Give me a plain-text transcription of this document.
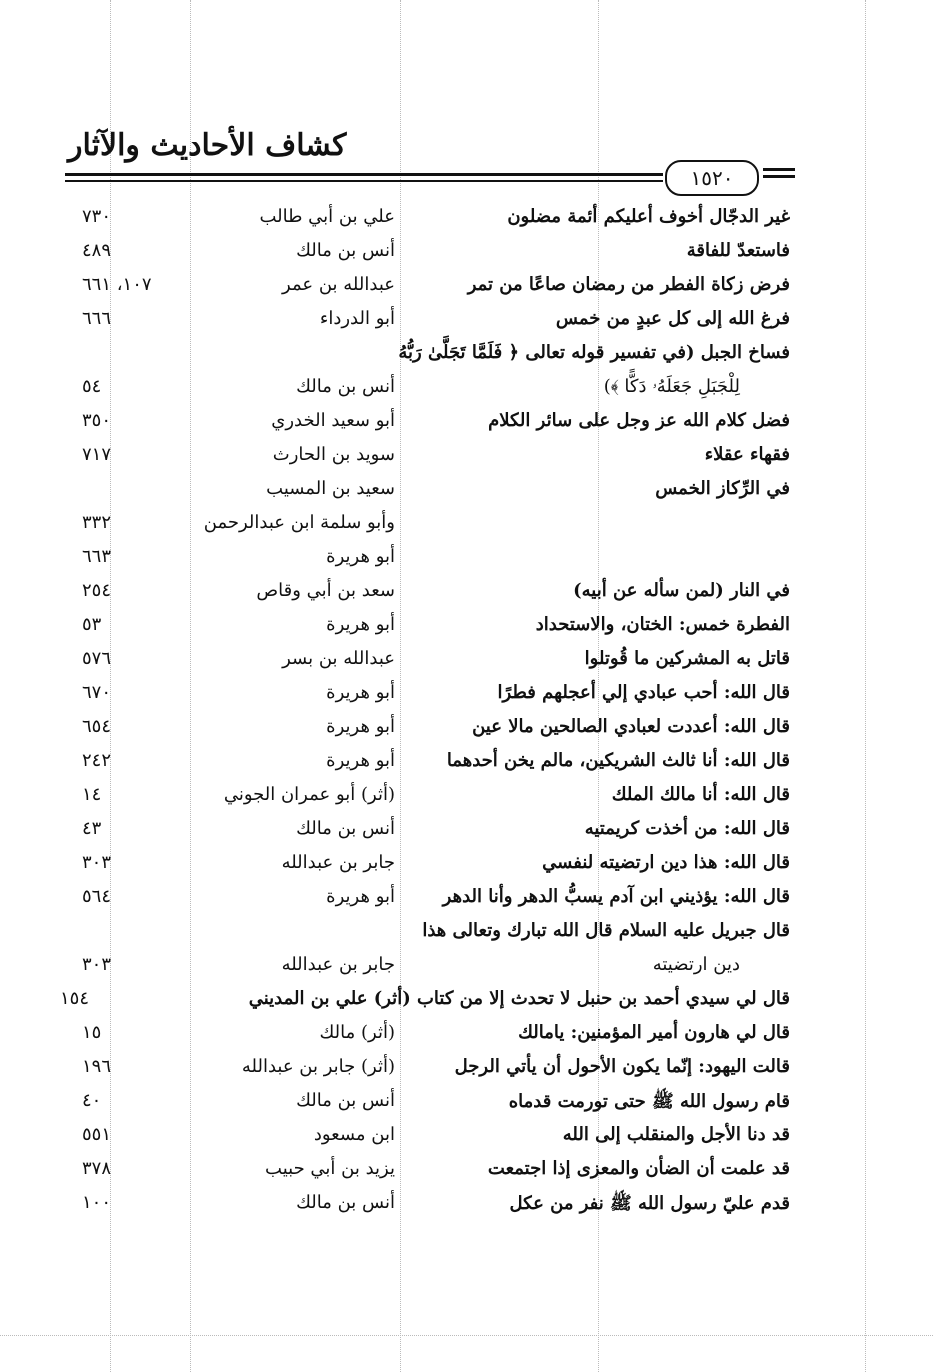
كشاف الأحاديث والآثار
١٥٢٠
غير الدجّال أخوف أعليكم أئمة مضلون
علي بن أبي طالب
٧٣٠
فاستعدّ للفاقة
أنس بن مالك
٤٨٩
فرض زكاة الفطر من رمضان صاعًا من تمر
عبدالله بن عمر
١٠٧، ٦٦١
فرغ الله إلى كل عبدٍ من خمس
أبو الدرداء
٦٦٦
فساخ الجبل (في تفسير قوله تعالى ﴿ فَلَمَّا تَجَلَّىٰ رَبُّهُ
لِلْجَبَلِ جَعَلَهُۥ دَكًّا ﴾)
أنس بن مالك
٥٤
فضل كلام الله عز وجل على سائر الكلام
أبو سعيد الخدري
٣٥٠
فقهاء عقلاء
سويد بن الحارث
٧١٧
في الرِّكاز الخمس
سعيد بن المسيب
وأبو سلمة ابن عبدالرحمن
٣٣٢
أبو هريرة
٦٦٣
في النار (لمن سأله عن أبيه)
سعد بن أبي وقاص
٢٥٤
الفطرة خمس: الختان، والاستحداد
أبو هريرة
٥٣
قاتل به المشركين ما قُوتلوا
عبدالله بن بسر
٥٧٦
قال الله: أحب عبادي إلي أعجلهم فطرًا
أبو هريرة
٦٧٠
قال الله: أعددت لعبادي الصالحين مالا عين
أبو هريرة
٦٥٤
قال الله: أنا ثالث الشريكين، مالم يخن أحدهما
أبو هريرة
٢٤٢
قال الله: أنا مالك الملك
(أثر) أبو عمران الجوني
١٤
قال الله: من أخذت كريمتيه
أنس بن مالك
٤٣
قال الله: هذا دين ارتضيته لنفسي
جابر بن عبدالله
٣٠٣
قال الله: يؤذيني ابن آدم يسبُّ الدهر وأنا الدهر
أبو هريرة
٥٦٤
قال جبريل عليه السلام قال الله تبارك وتعالى هذا
دين ارتضيته
جابر بن عبدالله
٣٠٣
قال لي سيدي أحمد بن حنبل لا تحدث إلا من كتاب (أثر) علي بن المديني
١٥٤
قال لي هارون أمير المؤمنين: يامالك
(أثر) مالك
١٥
قالت اليهود: إنّما يكون الأحول أن يأتي الرجل
(أثر) جابر بن عبدالله
١٩٦
قام رسول الله ﷺ حتى تورمت قدماه
أنس بن مالك
٤٠
قد دنا الأجل والمنقلب إلى الله
ابن مسعود
٥٥١
قد علمت أن الضأن والمعزى إذا اجتمعت
يزيد بن أبي حبيب
٣٧٨
قدم عليّ رسول الله ﷺ نفر من عكل
أنس بن مالك
١٠٠
